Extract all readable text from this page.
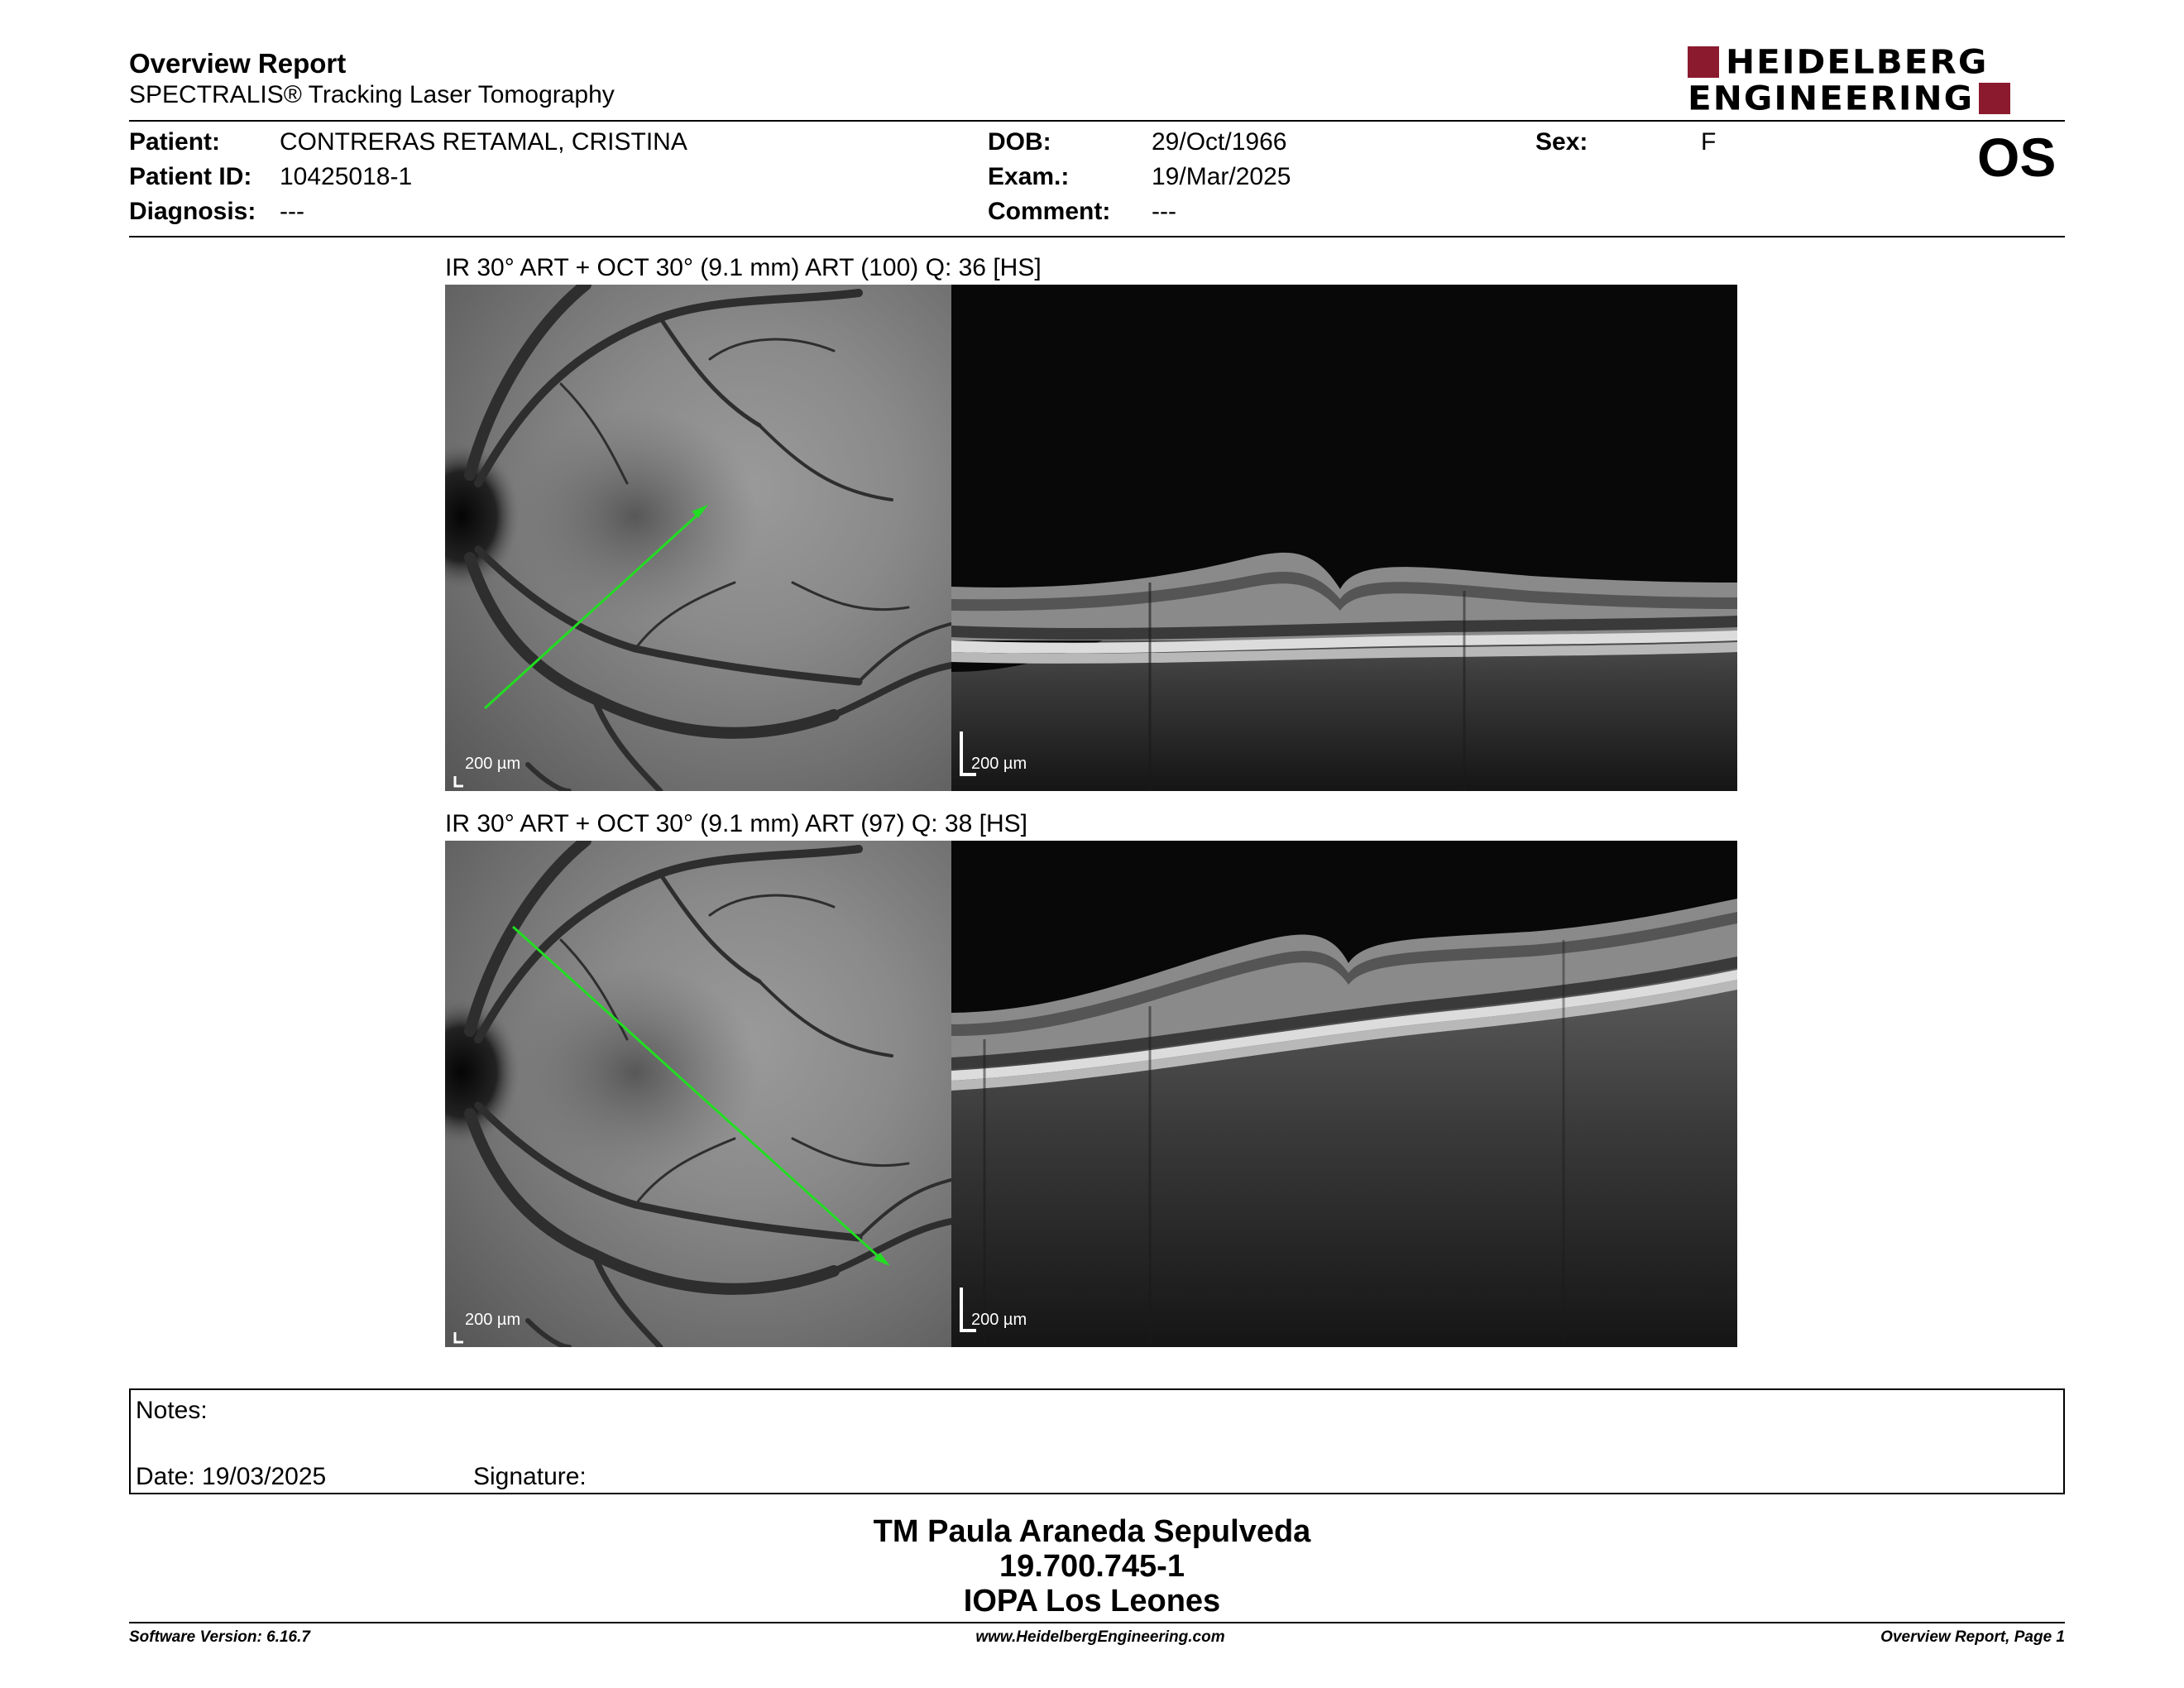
Overview Report
SPECTRALIS® Tracking Laser Tomography
HEIDELBERG
ENGINEERING
Patient: CONTRERAS RETAMAL, CRISTINA
Patient ID: 10425018-1
Diagnosis: ---
DOB:	29/Oct/1966
Exam.:	19/Mar/2025
Comment: ---
Sex:	F	OS
IR 30° ART + OCT 30° (9.1 mm) ART (100) Q: 36 [HS]
200 µm	200 µm
IR 30° ART + OCT 30° (9.1 mm) ART (97) Q: 38 [HS]
200 µm	200 µm
Notes:
Date: 19/03/2025	Signature:
TM Paula Araneda Sepulveda
19.700.745-1
IOPA Los Leones
Software Version: 6.16.7	www.HeidelbergEngineering.com	Overview Report, Page 1
